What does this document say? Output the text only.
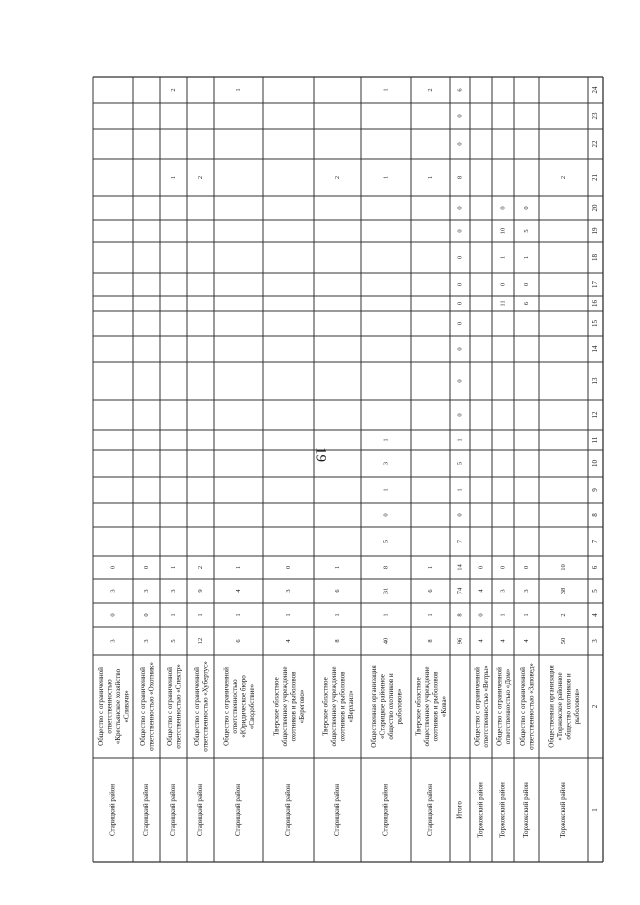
19
1
2
3
4
5
6
7
8
9
10
11
12
13
14
15
16
17
18
19
20
21
22
23
24
Старицкий район
Общество с ограниченнойответственностью«Крестьянское хозяйство«Сливачи»
3
0
3
0
Старицкий район
Общество с ограниченнойответственностью «Охотник»
3
0
3
0
Старицкий район
Общество с ограниченнойответственностью «Спектр»
5
1
3
1
1
2
Старицкий район
Общество с ограниченнойответственностью «Хубертус»
12
1
9
2
2
Старицкий район
Общество с ограниченнойответственностью«Юридическое бюро«Сводобствие»
6
1
4
1
1
Старицкий район
Тверское областноеобщественное учреждениеохотников и рыболовов«Берегово»
4
1
3
0
Старицкий район
Тверское областноеобщественное учреждениеохотников и рыболовов«Верхаил»
8
1
6
1
2
Старицкий район
Общественная организация«Старицкое районноеобщество охотников ирыболовов»
40
1
31
8
5
0
1
3
1
1
1
Старицкий район
Тверское областноеобщественное учреждениеохотников и рыболовов«Кова»
8
1
6
1
1
2
Итого
96
8
74
14
7
0
1
5
1
0
0
0
0
0
0
0
0
0
8
0
0
6
Торжокский район
Общество с ограниченнойответственностью «Ветры»
4
0
4
0
Торжокский район
Общество с ограниченнойответственностью «Дом»
4
1
3
0
11
0
1
10
0
Торжокский район
Общество с ограниченнойответственностью «Заповед»
4
1
3
0
6
0
1
5
0
Торжокский район
Общественная организация«Торжокское районноеобщество охотников ирыболовов»
50
2
38
10
2
